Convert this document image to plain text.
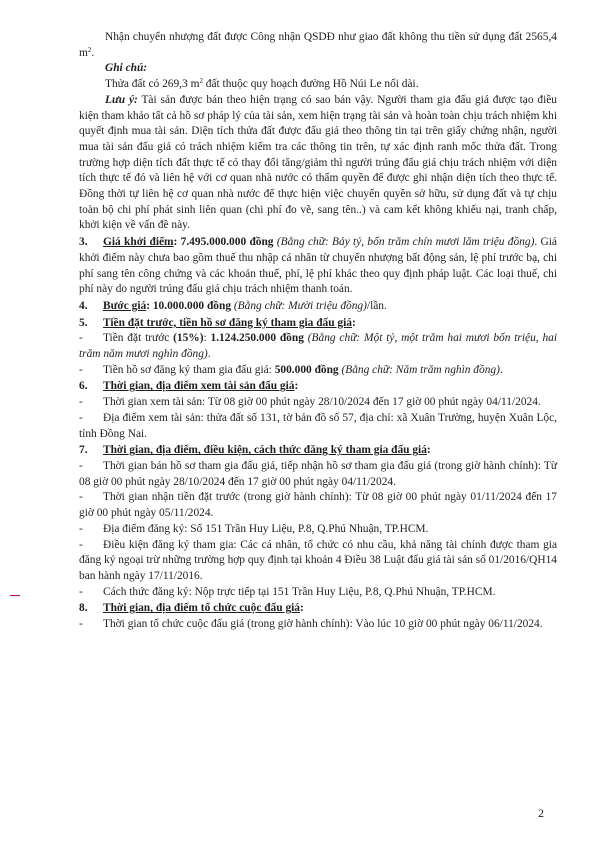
Nhận chuyển nhượng đất được Công nhận QSDĐ như giao đất không thu tiền sử dụng đất 2565,4 $m^2$.

Ghi chú:

Thửa đất có 269,3 $m^2$ đất thuộc quy hoạch đường Hồ Núi Le nối dài.

Lưu ý: Tài sản được bán theo hiện trạng có sao bán vậy. Người tham gia đấu giá được tạo điều kiện tham khảo tất cả hồ sơ pháp lý của tài sản, xem hiện trạng tài sản và hoàn toàn chịu trách nhiệm khi quyết định mua tài sản. Diện tích thửa đất được đấu giá theo thông tin tại trên giấy chứng nhận, người mua tài sản đấu giá có trách nhiệm kiểm tra các thông tin trên, tự xác định ranh mốc thửa đất. Trong trường hợp diện tích đất thực tế có thay đổi tăng/giảm thì người trúng đấu giá chịu trách nhiệm với diện tích thực tế đó và liên hệ với cơ quan nhà nước có thẩm quyền để được ghi nhận diện tích theo thực tế. Đồng thời tự liên hệ cơ quan nhà nước để thực hiện việc chuyển quyền sở hữu, sử dụng đất và tự chịu toàn bộ chi phí phát sinh liên quan (chi phí đo vẽ, sang tên..) và cam kết không khiếu nại, tranh chấp, khởi kiện về vấn đề này.

3. Giá khởi điểm: 7.495.000.000 đồng (Bằng chữ: Bảy tỷ, bốn trăm chín mươi lăm triệu đồng). Giá khởi điểm này chưa bao gồm thuế thu nhập cá nhân từ chuyển nhượng bất động sản, lệ phí trước bạ, chi phí sang tên công chứng và các khoản thuế, phí, lệ phí khác theo quy định pháp luật. Các loại thuế, chi phí này do người trúng đấu giá chịu trách nhiệm thanh toán.

4. Bước giá: 10.000.000 đồng (Bằng chữ: Mười triệu đồng)/lần.

5. Tiền đặt trước, tiền hồ sơ đăng ký tham gia đấu giá:

- Tiền đặt trước (15%): 1.124.250.000 đồng (Bằng chữ: Một tỷ, một trăm hai mươi bốn triệu, hai trăm năm mươi nghìn đồng).

- Tiền hồ sơ đăng ký tham gia đấu giá: 500.000 đồng (Bằng chữ: Năm trăm nghìn đồng).

6. Thời gian, địa điểm xem tài sản đấu giá:

- Thời gian xem tài sản: Từ 08 giờ 00 phút ngày 28/10/2024 đến 17 giờ 00 phút ngày 04/11/2024.

- Địa điểm xem tài sản: thửa đất số 131, tờ bản đồ số 57, địa chỉ: xã Xuân Trường, huyện Xuân Lộc, tỉnh Đồng Nai.

7. Thời gian, địa điểm, điều kiện, cách thức đăng ký tham gia đấu giá:

- Thời gian bán hồ sơ tham gia đấu giá, tiếp nhận hồ sơ tham gia đấu giá (trong giờ hành chính): Từ 08 giờ 00 phút ngày 28/10/2024 đến 17 giờ 00 phút ngày 04/11/2024.

- Thời gian nhận tiền đặt trước (trong giờ hành chính): Từ 08 giờ 00 phút ngày 01/11/2024 đến 17 giờ 00 phút ngày 05/11/2024.

- Địa điểm đăng ký: Số 151 Trần Huy Liệu, P.8, Q.Phú Nhuận, TP.HCM.

- Điều kiện đăng ký tham gia: Các cá nhân, tổ chức có nhu cầu, khả năng tài chính được tham gia đăng ký ngoại trừ những trường hợp quy định tại khoản 4 Điều 38 Luật đấu giá tài sản số 01/2016/QH14 ban hành ngày 17/11/2016.

- Cách thức đăng ký: Nộp trực tiếp tại 151 Trần Huy Liệu, P.8, Q.Phú Nhuận, TP.HCM.

8. Thời gian, địa điểm tổ chức cuộc đấu giá:

- Thời gian tổ chức cuộc đấu giá (trong giờ hành chính): Vào lúc 10 giờ 00 phút ngày 06/11/2024.

2
